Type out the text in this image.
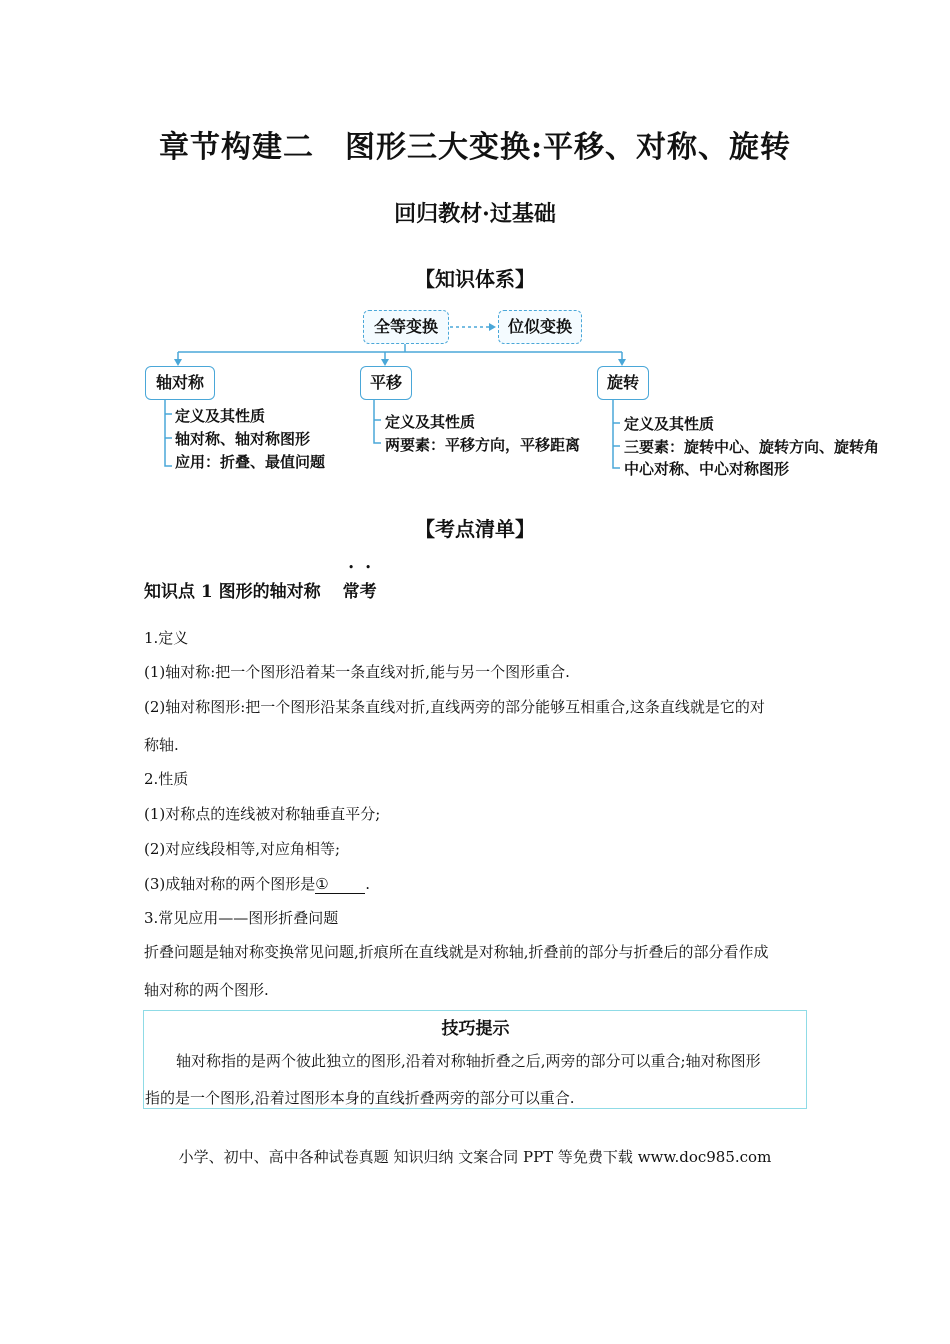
章节构建二　图形三大变换:平移、对称、旋转
回归教材·过基础
【知识体系】
全等变换	位似变换
轴对称	平移	旋转
定义及其性质
轴对称、轴对称图形
应用：折叠、最值问题
定义及其性质
两要素：平移方向，平移距离
定义及其性质
三要素：旋转中心、旋转方向、旋转角
中心对称、中心对称图形
【考点清单】
知识点 1 图形的轴对称 常考
1.定义
(1)轴对称:把一个图形沿着某一条直线对折,能与另一个图形重合.
(2)轴对称图形:把一个图形沿某条直线对折,直线两旁的部分能够互相重合,这条直线就是它的对
称轴.
2.性质
(1)对称点的连线被对称轴垂直平分;
(2)对应线段相等,对应角相等;
(3)成轴对称的两个图形是① .
3.常见应用——图形折叠问题
折叠问题是轴对称变换常见问题,折痕所在直线就是对称轴,折叠前的部分与折叠后的部分看作成
轴对称的两个图形.
技巧提示
轴对称指的是两个彼此独立的图形,沿着对称轴折叠之后,两旁的部分可以重合;轴对称图形
指的是一个图形,沿着过图形本身的直线折叠两旁的部分可以重合.
小学、初中、高中各种试卷真题 知识归纳 文案合同 PPT 等免费下载 www.doc985.com
